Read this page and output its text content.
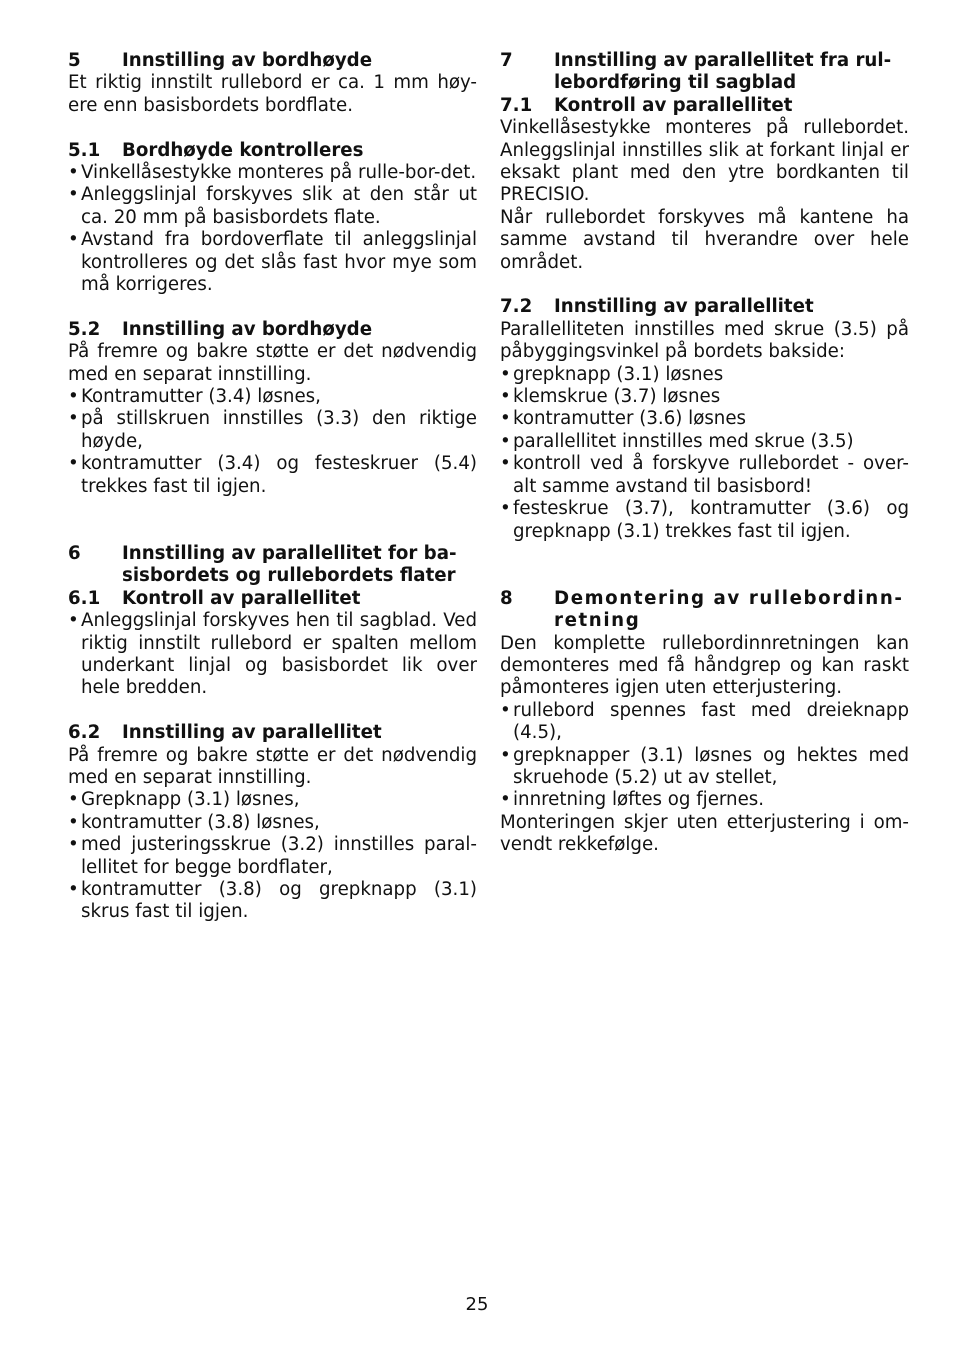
5	Innstilling av bordhøyde

Et riktig innstilt rullebord er ca. 1 mm høy-ere enn basisbordets bordflate.

5.1	Bordhøyde kontrolleres
• Vinkellåsestykke monteres på rulle-bor-det.
• Anleggslinjal forskyves slik at den står ut ca. 20 mm på basisbordets flate.
• Avstand fra bordoverflate til anleggslinjal kontrolleres og det slås fast hvor mye som må korrigeres.
5.2	Innstilling av bordhøyde

På fremre og bakre støtte er det nødvendig med en separat innstilling.

• Kontramutter (3.4) løsnes,
• på stillskruen innstilles (3.3) den riktige høyde,
• kontramutter (3.4) og festeskruer (5.4) trekkes fast til igjen.
6	Innstilling av parallellitet for ba-sisbordets og rullebordets flater
6.1	Kontroll av parallellitet
• Anleggslinjal forskyves hen til sagblad. Ved riktig innstilt rullebord er spalten mellom underkant linjal og basisbordet lik over hele bredden.
6.2	Innstilling av parallellitet

På fremre og bakre støtte er det nødvendig med en separat innstilling.

• Grepknapp (3.1) løsnes,
• kontramutter (3.8) løsnes,
• med justeringsskrue (3.2) innstilles paral-lellitet for begge bordflater,
• kontramutter (3.8) og grepknapp (3.1) skrus fast til igjen.
7	Innstilling av parallellitet fra rul-lebordføring til sagblad
7.1	Kontroll av parallellitet

Vinkellåsestykke monteres på rullebordet. Anleggslinjal innstilles slik at forkant linjal er eksakt plant med den ytre bordkanten til PRECISIO.

Når rullebordet forskyves må kantene ha samme avstand til hverandre over hele området.

7.2	Innstilling av parallellitet

Parallelliteten innstilles med skrue (3.5) på påbyggingsvinkel på bordets bakside:

• grepknapp (3.1) løsnes
• klemskrue (3.7) løsnes
• kontramutter (3.6) løsnes
• parallellitet innstilles med skrue (3.5)
• kontroll ved å forskyve rullebordet - over-alt samme avstand til basisbord!
• festeskrue (3.7), kontramutter (3.6) og grepknapp (3.1) trekkes fast til igjen.
8	Demontering av rullebordinn-retning

Den komplette rullebordinnretningen kan demonteres med få håndgrep og kan raskt påmonteres igjen uten etterjustering.

• rullebord spennes fast med dreieknapp (4.5),
• grepknapper (3.1) løsnes og hektes med skruehode (5.2) ut av stellet,
• innretning løftes og fjernes.

Monteringen skjer uten etterjustering i om-vendt rekkefølge.

25
